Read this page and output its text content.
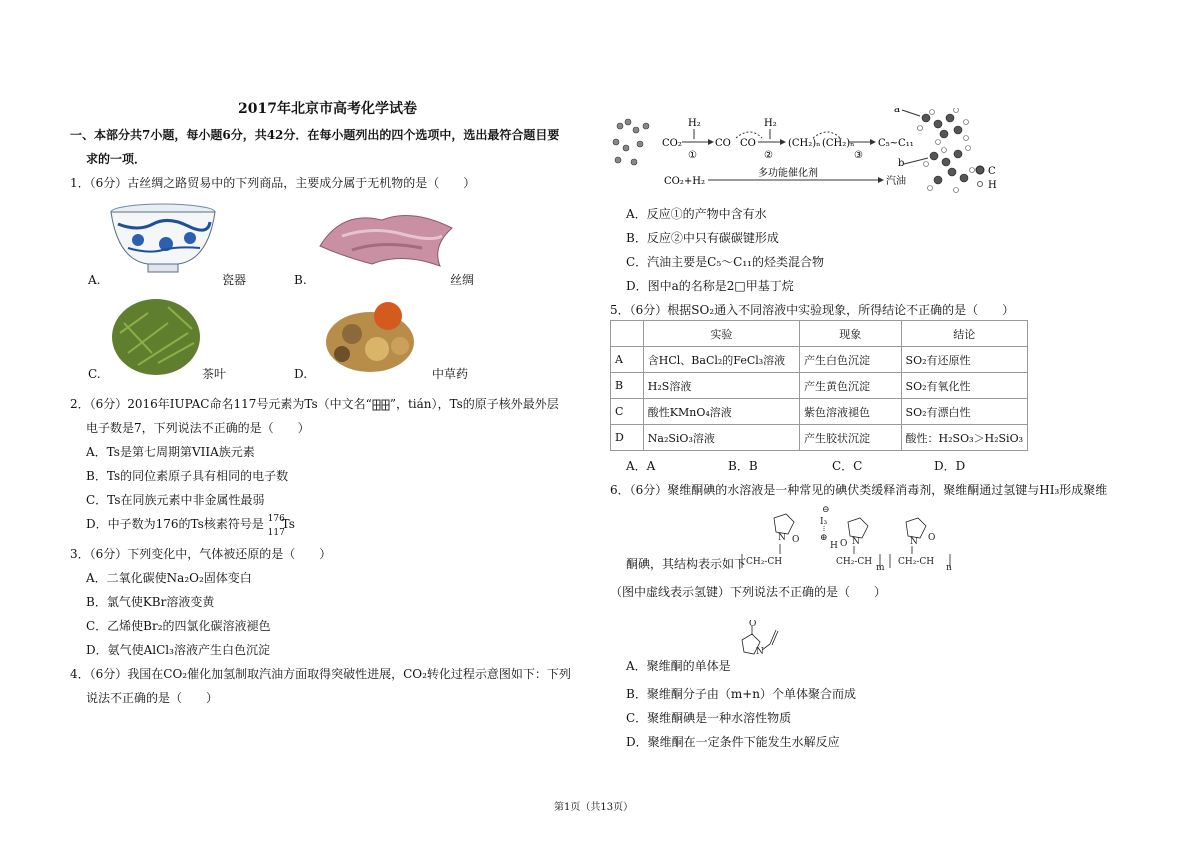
2017年北京市高考化学试卷
一、本部分共7小题，每小题6分，共42分．在每小题列出的四个选项中，选出最符合题目要
求的一项．
1．（6分）古丝绸之路贸易中的下列商品，主要成分属于无机物的是（　　）
A.	瓷器	B.	丝绸
C.	茶叶	D.	中草药
2．（6分）2016年IUPAC命名117号元素为Ts（中文名“ ”，tián），Ts的原子核外最外层
电子数是7，下列说法不正确的是（　　）
A．Ts是第七周期第VIIA族元素
B．Ts的同位素原子具有相同的电子数
C．Ts在同族元素中非金属性最弱
D．中子数为176的Ts核素符号是 176
117
Ts
3．（6分）下列变化中，气体被还原的是（　　）
A．二氧化碳使Na₂O₂固体变白
B．氯气使KBr溶液变黄
C．乙烯使Br₂的四氯化碳溶液褪色
D．氨气使AlCl₃溶液产生白色沉淀
4．（6分）我国在CO₂催化加氢制取汽油方面取得突破性进展，CO₂转化过程示意图如下：下列
说法不正确的是（　　）
CO₂
H₂
①
CO CO
H₂
②
(CH₂)ₙ (CH₂)ₙ
③
C₅~C₁₁
CO₂+H₂
多功能催化剂
汽油
a
b
C
H
A．反应①的产物中含有水
B．反应②中只有碳碳键形成
C．汽油主要是C₅～C₁₁的烃类混合物
D．图中a的名称是2□甲基丁烷
5．（6分）根据SO₂通入不同溶液中实验现象，所得结论不正确的是（　　）
	实验	现象	结论
A	含HCl、BaCl₂的FeCl₃溶液	产生白色沉淀	SO₂有还原性
B	H₂S溶液	产生黄色沉淀	SO₂有氧化性
C	酸性KMnO₄溶液	紫色溶液褪色	SO₂有漂白性
D	Na₂SiO₃溶液	产生胶状沉淀	酸性：H₂SO₃＞H₂SiO₃
A．A	B．B	C．C	D．D
6．（6分）聚维酮碘的水溶液是一种常见的碘伏类缓释消毒剂，聚维酮通过氢键与HI₃形成聚维
⊖
I₃
⊕
H
O
N
O N	O
N
CH₂-CH	CH₂-CH
m
CH₂-CH
n
酮碘，其结构表示如下
（图中虚线表示氢键）下列说法不正确的是（　　）
O
N
A．聚维酮的单体是
B．聚维酮分子由（m+n）个单体聚合而成
C．聚维酮碘是一种水溶性物质
D．聚维酮在一定条件下能发生水解反应
第1页（共13页）
